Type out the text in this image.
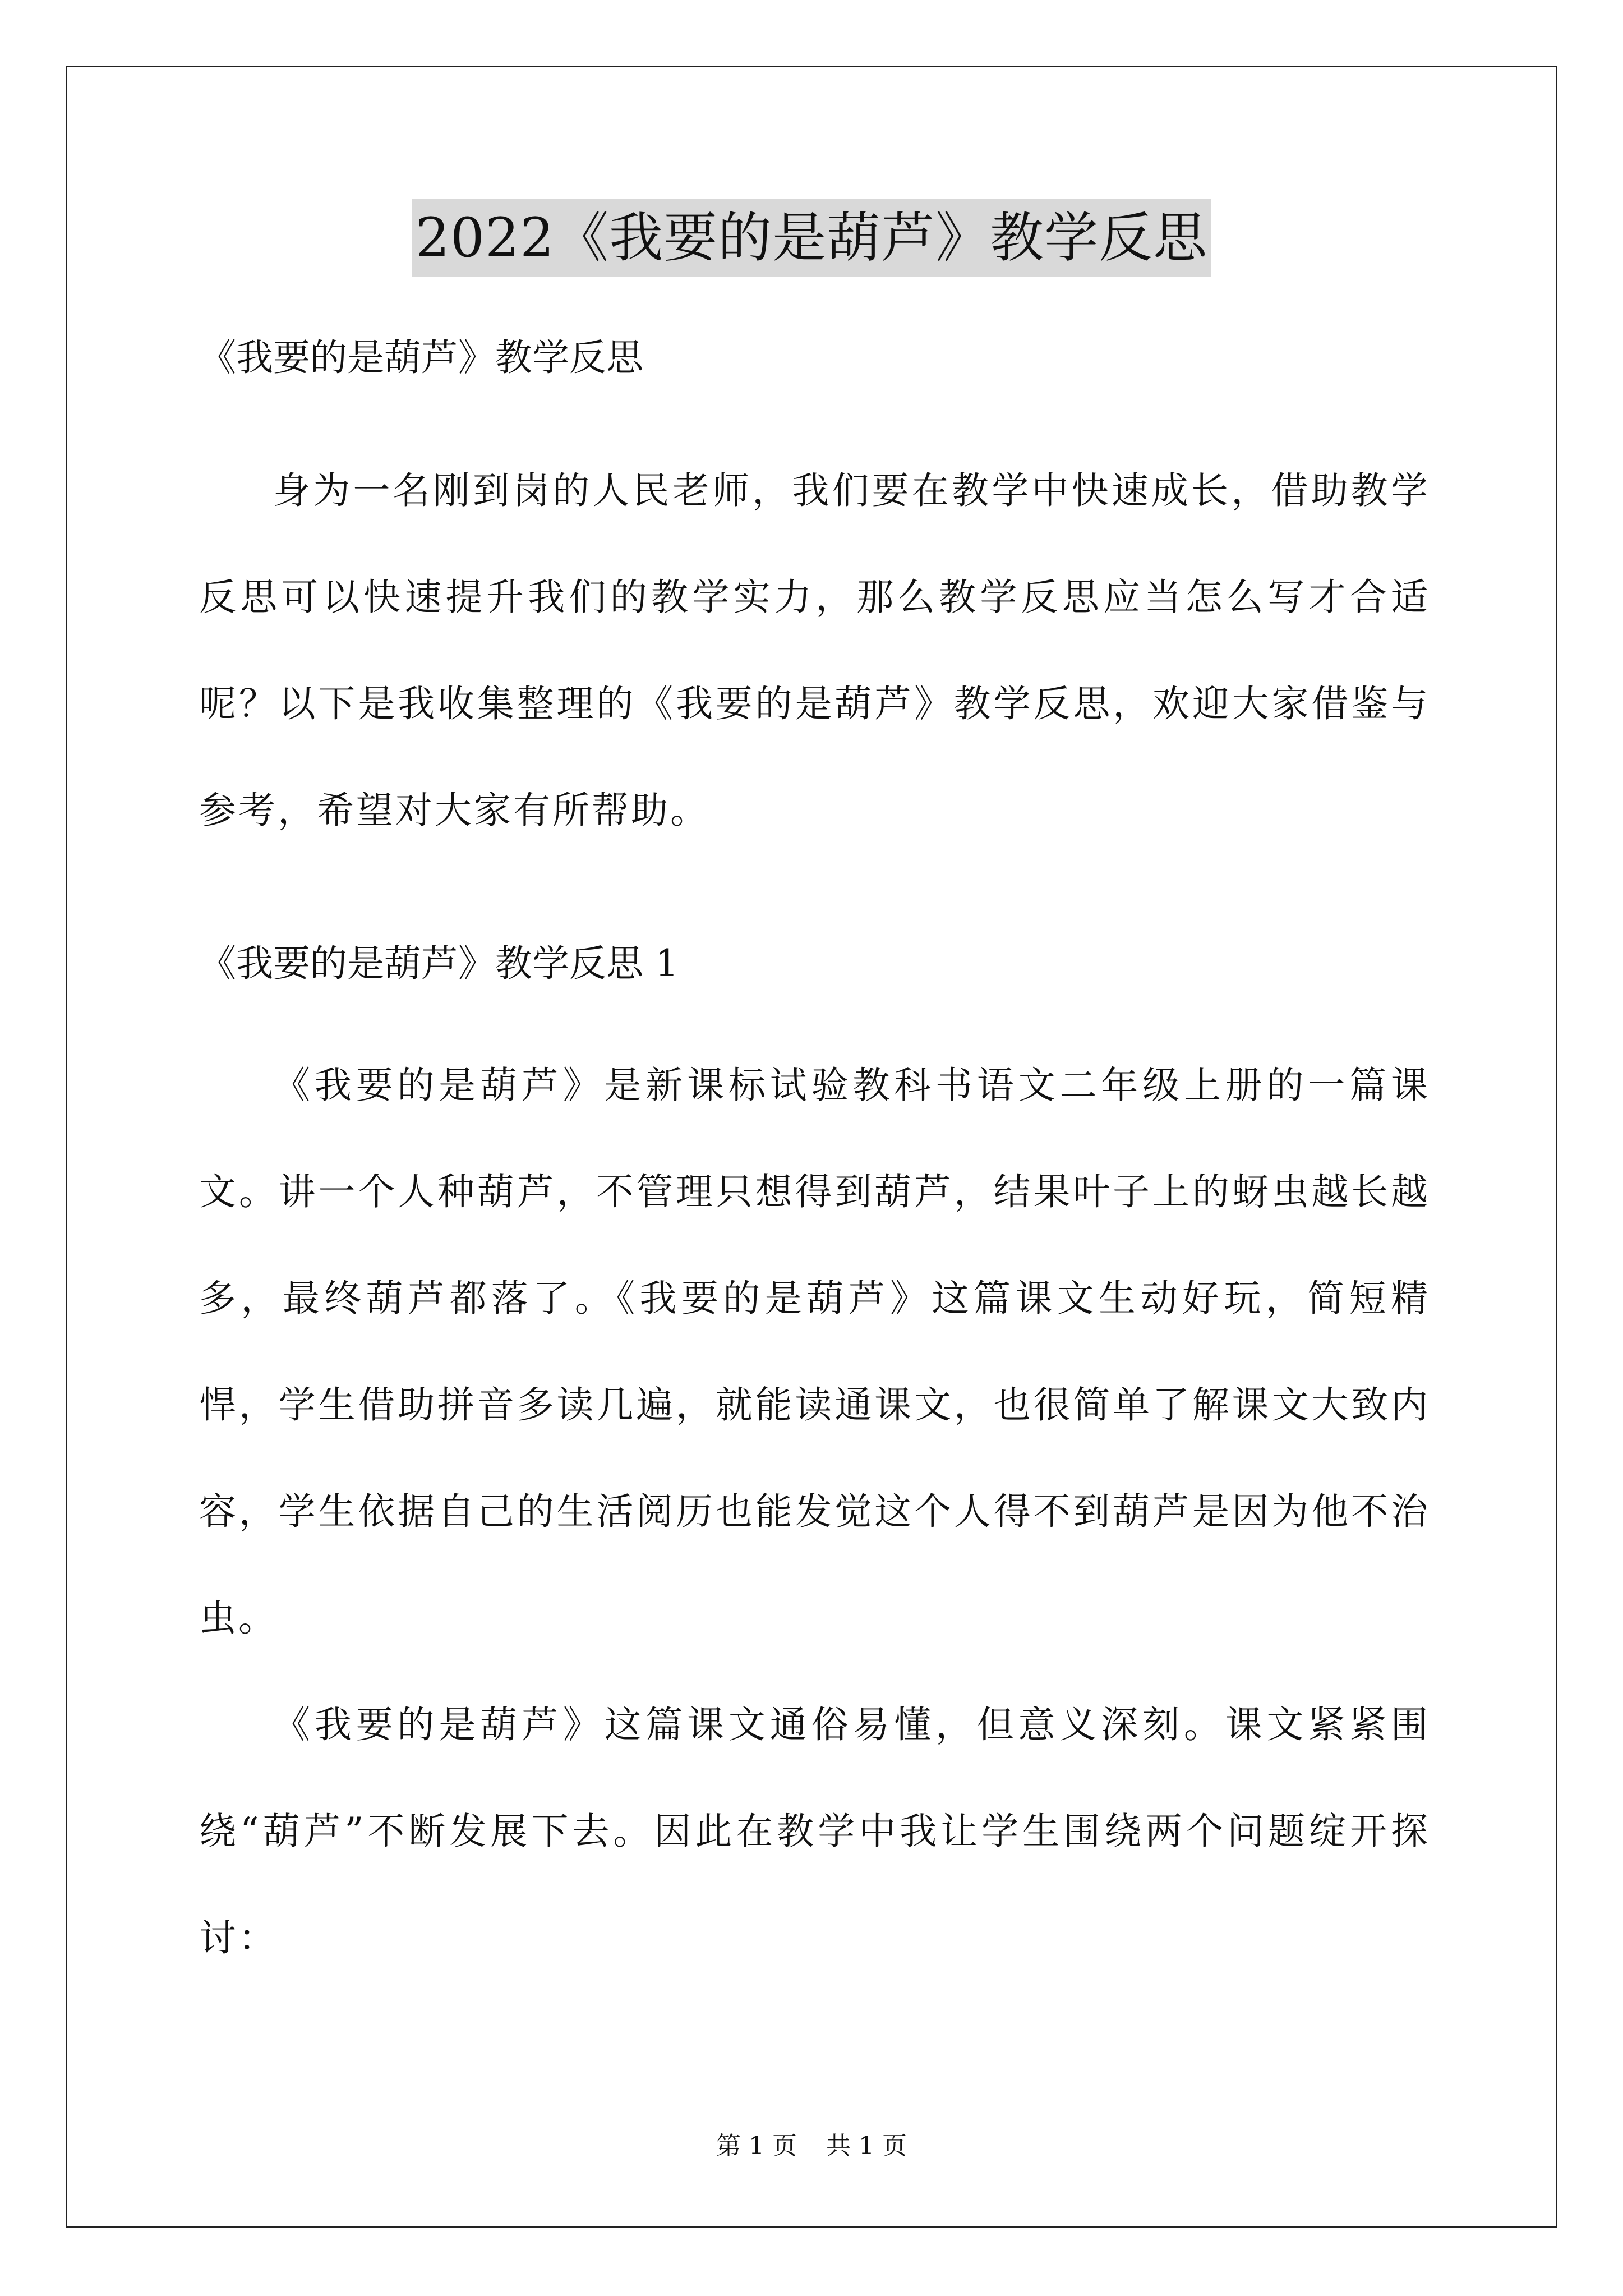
2022《我要的是葫芦》教学反思

《我要的是葫芦》教学反思

身为一名刚到岗的人民老师，我们要在教学中快速成长，借助教学反思可以快速提升我们的教学实力，那么教学反思应当怎么写才合适呢？以下是我收集整理的《我要的是葫芦》教学反思，欢迎大家借鉴与参考，希望对大家有所帮助。

《我要的是葫芦》教学反思 1

《我要的是葫芦》是新课标试验教科书语文二年级上册的一篇课文。讲一个人种葫芦，不管理只想得到葫芦，结果叶子上的蚜虫越长越多，最终葫芦都落了。《我要的是葫芦》这篇课文生动好玩，简短精悍，学生借助拼音多读几遍，就能读通课文，也很简单了解课文大致内容，学生依据自己的生活阅历也能发觉这个人得不到葫芦是因为他不治虫。

《我要的是葫芦》这篇课文通俗易懂，但意义深刻。课文紧紧围绕“葫芦”不断发展下去。因此在教学中我让学生围绕两个问题绽开探讨：

第 1 页 共 1 页
